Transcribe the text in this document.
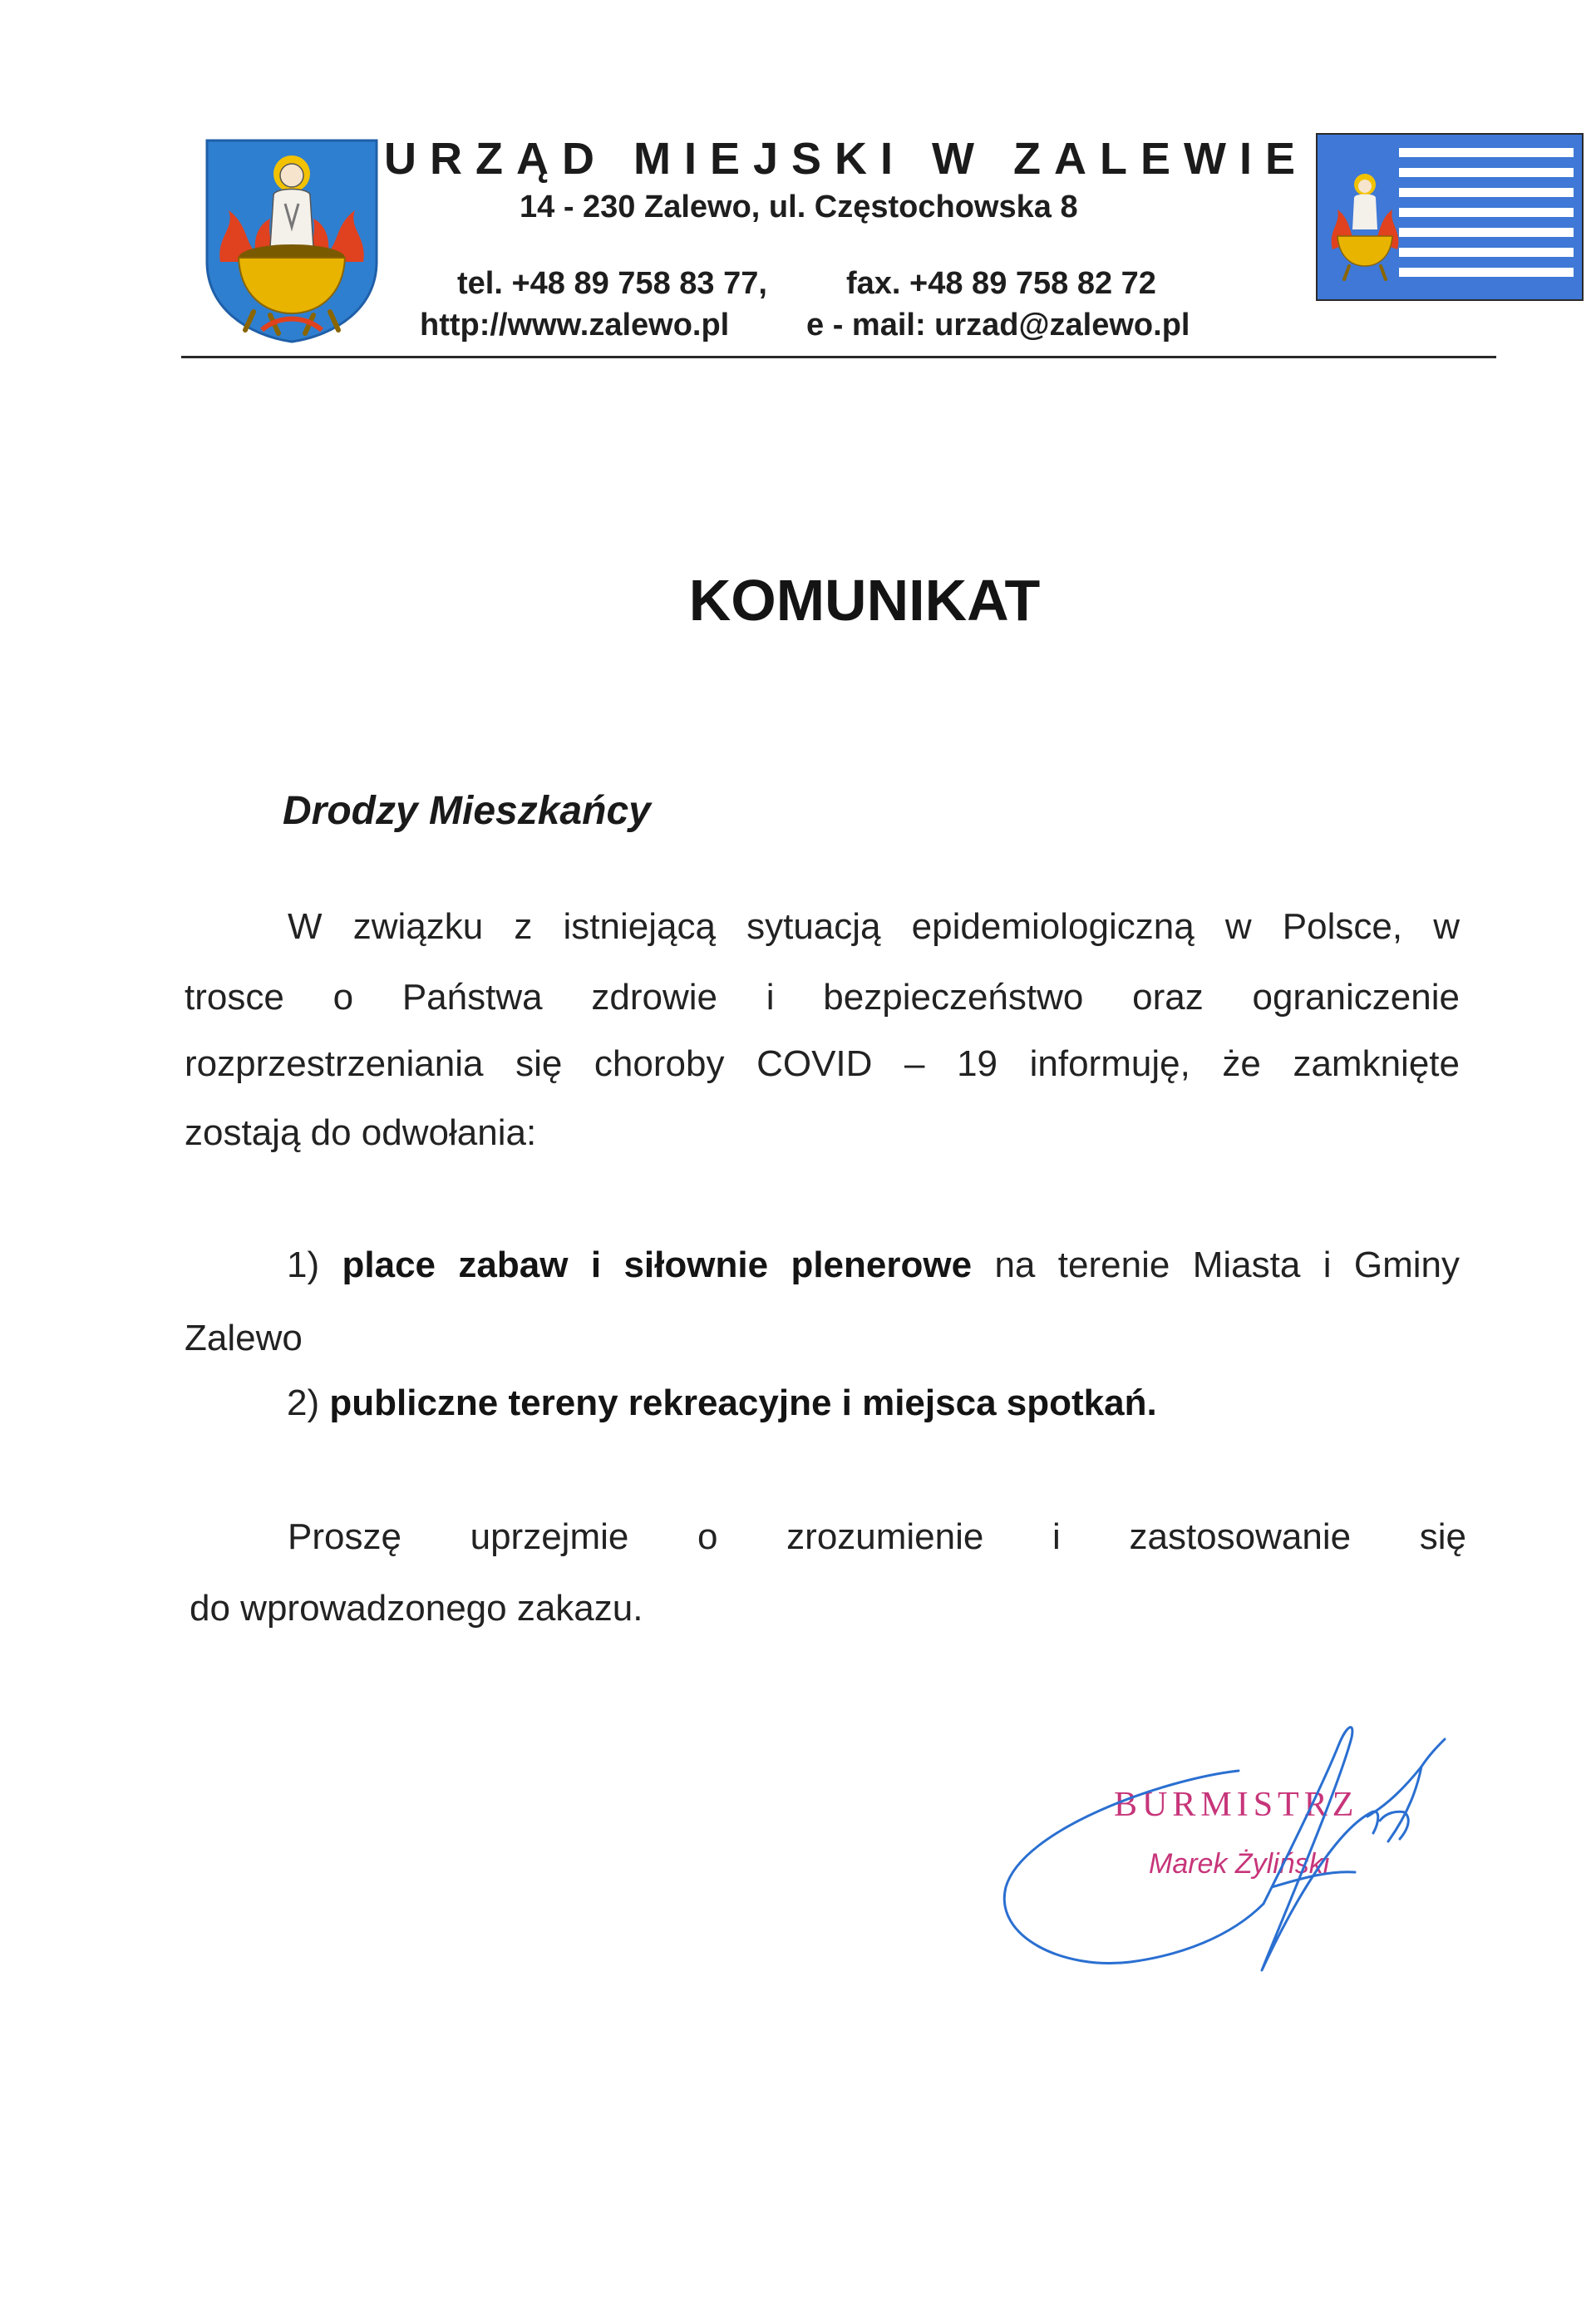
URZĄD MIEJSKI W ZALEWIE
14 - 230 Zalewo, ul. Częstochowska 8
tel. +48 89 758 83 77,	fax. +48 89 758 82 72
http://www.zalewo.pl e - mail: urzad@zalewo.pl
KOMUNIKAT
Drodzy Mieszkańcy
W związku z istniejącą sytuacją epidemiologiczną w Polsce, w
trosce o Państwa zdrowie i bezpieczeństwo oraz ograniczenie
rozprzestrzeniania się choroby COVID – 19 informuję, że zamknięte
zostają do odwołania:
1) place zabaw i siłownie plenerowe na terenie Miasta i Gminy
Zalewo
2) publiczne tereny rekreacyjne i miejsca spotkań.
Proszę uprzejmie o zrozumienie i zastosowanie się
do wprowadzonego zakazu.
BURMISTRZ
Marek Żyliński
